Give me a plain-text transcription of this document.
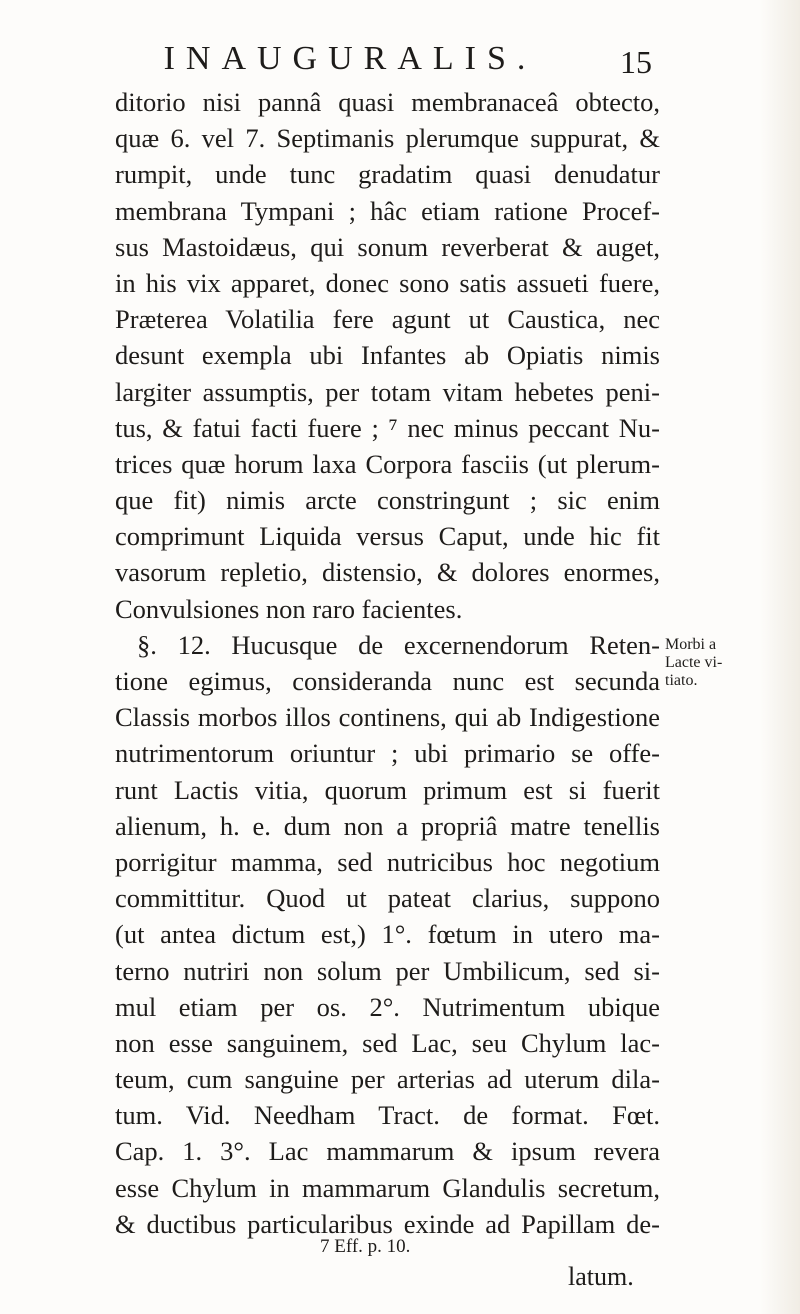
INAUGURALIS.	15
ditorio nisi pannâ quasi membranaceâ obtecto,
quæ 6. vel 7. Septimanis plerumque suppurat, &
rumpit, unde tunc gradatim quasi denudatur
membrana Tympani ; hâc etiam ratione Procef-
sus Mastoidæus, qui sonum reverberat & auget,
in his vix apparet, donec sono satis assueti fuere,
Præterea Volatilia fere agunt ut Caustica, nec
desunt exempla ubi Infantes ab Opiatis nimis
largiter assumptis, per totam vitam hebetes peni-
tus, & fatui facti fuere ; ⁷ nec minus peccant Nu-
trices quæ horum laxa Corpora fasciis (ut plerum-
que fit) nimis arcte constringunt ; sic enim
comprimunt Liquida versus Caput, unde hic fit
vasorum repletio, distensio, & dolores enormes,
Convulsiones non raro facientes.
§. 12. Hucusque de excernendorum Reten-
tione egimus, consideranda nunc est secunda
Classis morbos illos continens, qui ab Indigestione
nutrimentorum oriuntur ; ubi primario se offe-
runt Lactis vitia, quorum primum est si fuerit
alienum, h. e. dum non a propriâ matre tenellis
porrigitur mamma, sed nutricibus hoc negotium
committitur. Quod ut pateat clarius, suppono
(ut antea dictum est,) 1°. fœtum in utero ma-
terno nutriri non solum per Umbilicum, sed si-
mul etiam per os. 2°. Nutrimentum ubique
non esse sanguinem, sed Lac, seu Chylum lac-
teum, cum sanguine per arterias ad uterum dila-
tum. Vid. Needham Tract. de format. Fœt.
Cap. 1. 3°. Lac mammarum & ipsum revera
esse Chylum in mammarum Glandulis secretum,
& ductibus particularibus exinde ad Papillam de-
Morbi a
Lacte vi-
tiato.
7 Eff. p. 10.
latum.
